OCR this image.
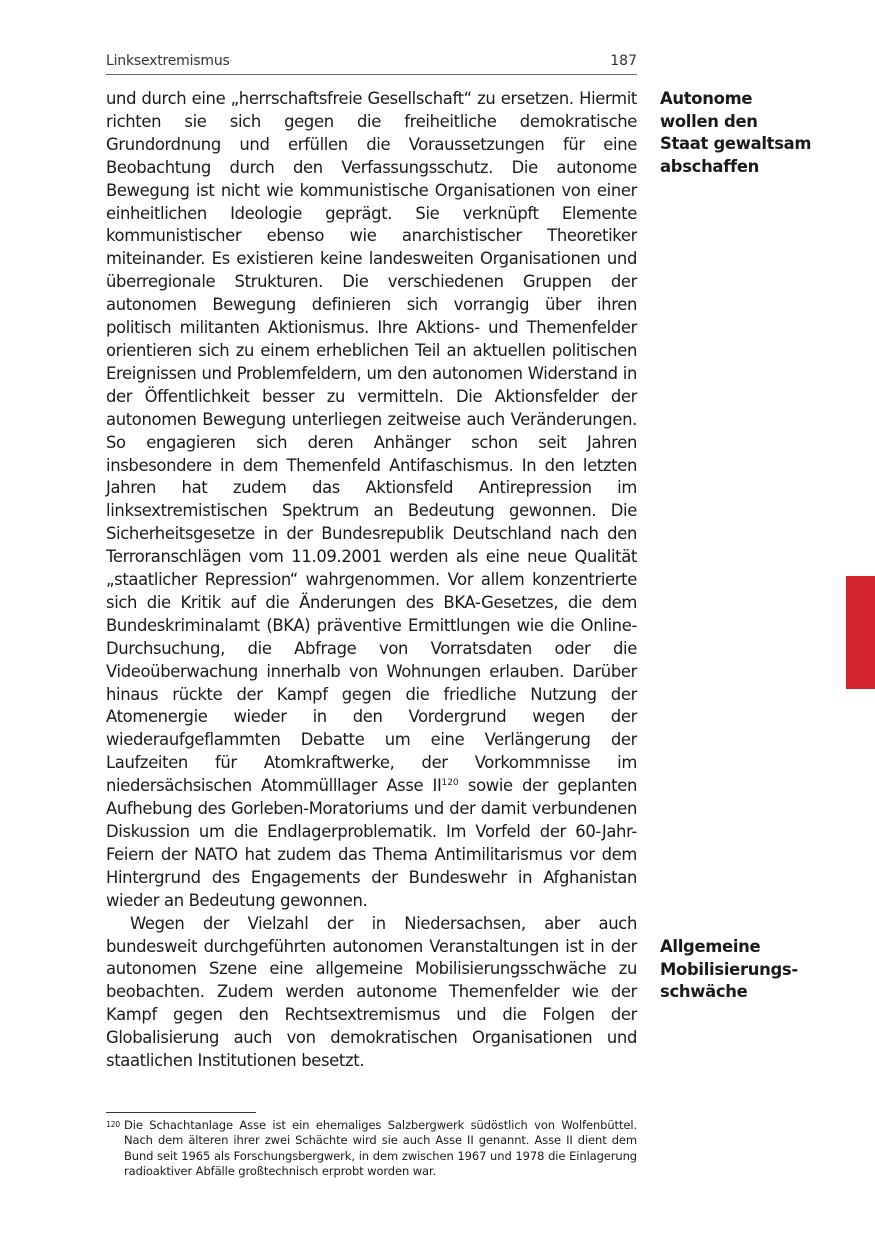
Linksextremismus	187

und durch eine „herrschaftsfreie Gesellschaft“ zu ersetzen. Hiermit richten sie sich gegen die freiheitliche demokratische Grundordnung und erfüllen die Voraussetzungen für eine Beobachtung durch den Verfassungsschutz. Die autonome Bewegung ist nicht wie kommunistische Organisationen von einer einheitlichen Ideologie geprägt. Sie verknüpft Elemente kommunistischer ebenso wie anarchistischer Theoretiker miteinander. Es existieren keine landesweiten Organisationen und überregionale Strukturen. Die verschiedenen Gruppen der autonomen Bewegung definieren sich vorrangig über ihren politisch militanten Aktionismus. Ihre Aktions- und Themenfelder orientieren sich zu einem erheblichen Teil an aktuellen politischen Ereignissen und Problemfeldern, um den autonomen Widerstand in der Öffentlichkeit besser zu vermitteln. Die Aktionsfelder der autonomen Bewegung unterliegen zeitweise auch Veränderungen. So engagieren sich deren Anhänger schon seit Jahren insbesondere in dem Themenfeld Antifaschismus. In den letzten Jahren hat zudem das Aktionsfeld Antirepression im linksextremistischen Spektrum an Bedeutung gewonnen. Die Sicherheitsgesetze in der Bundesrepublik Deutschland nach den Terroranschlägen vom 11.09.2001 werden als eine neue Qualität „staatlicher Repression“ wahrgenommen. Vor allem konzentrierte sich die Kritik auf die Änderungen des BKA-Gesetzes, die dem Bundeskriminalamt (BKA) präventive Ermittlungen wie die Online-Durchsuchung, die Abfrage von Vorratsdaten oder die Videoüberwachung innerhalb von Wohnungen erlauben. Darüber hinaus rückte der Kampf gegen die friedliche Nutzung der Atomenergie wieder in den Vordergrund wegen der wiederaufgeflammten Debatte um eine Verlängerung der Laufzeiten für Atomkraftwerke, der Vorkommnisse im niedersächsischen Atommülllager Asse II$^{120}$ sowie der geplanten Aufhebung des Gorleben-Moratoriums und der damit verbundenen Diskussion um die Endlagerproblematik. Im Vorfeld der 60-Jahr-Feiern der NATO hat zudem das Thema Antimilitarismus vor dem Hintergrund des Engagements der Bundeswehr in Afghanistan wieder an Bedeutung gewonnen.

Wegen der Vielzahl der in Niedersachsen, aber auch bundesweit durchgeführten autonomen Veranstaltungen ist in der autonomen Szene eine allgemeine Mobilisierungsschwäche zu beobachten. Zudem werden autonome Themenfelder wie der Kampf gegen den Rechtsextremismus und die Folgen der Globalisierung auch von demokratischen Organisationen und staatlichen Institutionen besetzt.

Autonome
wollen den
Staat gewaltsam
abschaffen
Allgemeine
Mobilisierungs-
schwäche
120 Die Schachtanlage Asse ist ein ehemaliges Salzbergwerk südöstlich von Wolfenbüttel. Nach dem älteren ihrer zwei Schächte wird sie auch Asse II genannt. Asse II dient dem Bund seit 1965 als Forschungsbergwerk, in dem zwischen 1967 und 1978 die Einlagerung radioaktiver Abfälle großtechnisch erprobt worden war.
